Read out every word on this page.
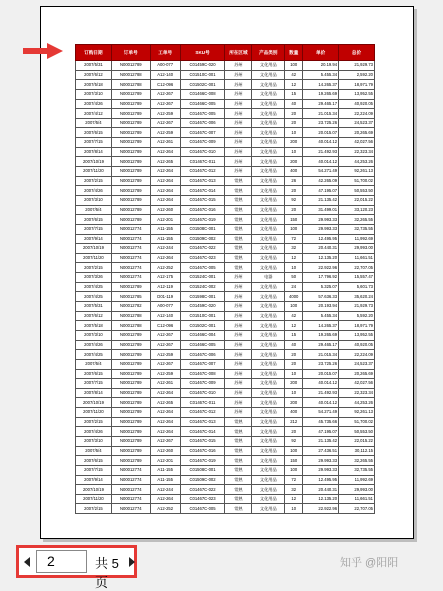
订购日期	订单号	工单号	SKU号	所在区域	产品类别	数量	单价	总价
2007/5/31	N00012789	A00-077	C01459C-020	苏州	文化用品	100	20.19.94	21,929.73
2007/6/12	N00012788	A12-140	C01510C-001	苏州	文化用品	42	5.455.34	2,592.20
2007/5/18	N00012788	C12-096	C01502C-001	苏州	文化用品	12	14.265.37	18,971.79
2007/3/10	N00012789	A12-267	C01466C-008	苏州	文化用品	15	19.265.69	13,952.55
2007/4/26	N00012789	A12-267	C01466C-005	苏州	文化用品	40	29.465.17	40,920.05
2007/4/12	N00012789	A12-259	C01467C-005	苏州	文化用品	20	21.015.34	22,224.09
2007/5/4	N00012789	A12-267	C01467C-006	苏州	文化用品	20	23.725.26	24,523.37
2007/6/15	N00012789	A12-259	C01467C-007	苏州	文化用品	10	20.015.07	20,265.69
2007/7/15	N00012789	A12-261	C01467C-009	苏州	文化用品	200	40.014.12	42,027.56
2007/8/14	N00012789	A12-264	C01467C-010	苏州	文化用品	10	21.492.93	22,323.34
2007/10/19	N00012789	A12-265	C01467C-011	苏州	文化用品	200	40.014.12	44,253.26
2007/11/20	N00012789	A12-264	C01467C-012	苏州	文化用品	400	54.271.49	92,261.13
2007/2/15	N00012789	A12-264	C01467C-013	常熟	文化用品	26	42.265.09	51,700.02
2007/4/26	N00012789	A12-264	C01467C-014	常熟	文化用品	20	47.195.07	50,553.50
2007/3/10	N00012789	A12-264	C01467C-015	常熟	文化用品	92	21.135.42	22,015.22
2007/5/4	N00012789	A12-260	C01467C-016	常熟	文化用品	20	31.499.01	33,120.23
2007/6/15	N00012789	A12-201	C01467C-019	常熟	文化用品	150	29.993.33	32,265.55
2007/7/15	N00012774	A11-155	C01508C-001	常熟	文化用品	100	29.993.33	32,735.55
2007/9/14	N00012774	A11-155	C01509C-002	常熟	文化用品	72	12.495.95	11,992.69
2007/10/19	N00012774	A12-244	C01467C-022	常熟	文化用品	32	20.440.31	29,993.00
2007/11/20	N00012774	A12-264	C01467C-023	常熟	文化用品	12	12.135.20	11,661.51
2007/2/15	N00012774	A12-252	C01467C-005	常熟	文化用品	10	22.922.96	22,707.05
2007/3/26	N00012774	A12-175	C01524C-001	苏州	电器	50	17.796.92	15,557.47
2007/4/25	N00012789	A12-119	C01524C-002	苏州	文化用品	24	5.325.07	5,601.73
2007/4/25	N00012785	D01-119	C01598C-001	苏州	文化用品	4000	57.636.33	35,620.24
2007/5/31	N00012782	A00-077	C01459C-020	苏州	文化用品	100	20.193.94	21,929.73
2007/6/12	N00012788	A12-140	C01510C-001	苏州	文化用品	42	5.455.34	5,592.20
2007/5/18	N00012788	C12-096	C01502C-001	苏州	文化用品	12	14.265.37	18,971.79
2007/3/10	N00012789	A12-267	C01466C-004	苏州	文化用品	15	19.265.69	13,952.55
2007/4/26	N00012789	A12-267	C01466C-005	苏州	文化用品	40	29.465.17	40,920.05
2007/4/25	N00012789	A12-259	C01467C-006	苏州	文化用品	20	21.015.34	22,224.09
2007/5/4	N00012789	A12-267	C01467C-007	苏州	文化用品	20	23.725.26	24,523.37
2007/6/15	N00012789	A12-259	C01467C-008	苏州	文化用品	10	20.015.07	20,265.69
2007/7/15	N00012789	A12-261	C01467C-009	苏州	文化用品	200	40.014.12	42,027.56
2007/8/14	N00012789	A12-264	C01467C-010	苏州	文化用品	10	21.492.93	22,323.34
2007/10/19	N00012789	A12-265	C01467C-011	苏州	文化用品	200	40.014.12	44,253.26
2007/11/20	N00012789	A12-264	C01467C-012	苏州	文化用品	400	54.271.49	92,261.13
2007/2/15	N00012789	A12-264	C01467C-013	常熟	文化用品	212	45.735.66	51,700.02
2007/4/26	N00012789	A12-264	C01467C-014	常熟	文化用品	20	47.195.07	50,553.50
2007/3/10	N00012789	A12-267	C01467C-015	常熟	文化用品	92	21.135.42	22,015.22
2007/5/4	N00012789	A12-260	C01467C-016	常熟	文化用品	100	27.436.51	30,112.15
2007/6/15	N00012789	A12-201	C01467C-019	常熟	文化用品	150	29.993.33	32,265.55
2007/7/15	N00012774	A11-155	C01508C-001	常熟	文化用品	100	29.993.33	32,735.55
2007/9/14	N00012774	A11-155	C01509C-002	常熟	文化用品	72	12.495.95	11,992.69
2007/10/19	N00012774	A12-244	C01467C-022	常熟	文化用品	32	20.440.31	29,993.00
2007/11/20	N00012774	A12-264	C01467C-023	常熟	文化用品	12	12.135.20	11,661.51
2007/2/15	N00012774	A12-252	C01467C-005	常熟	文化用品	10	22.922.96	22,707.05
2	共 5 页
知乎 @阳阳
